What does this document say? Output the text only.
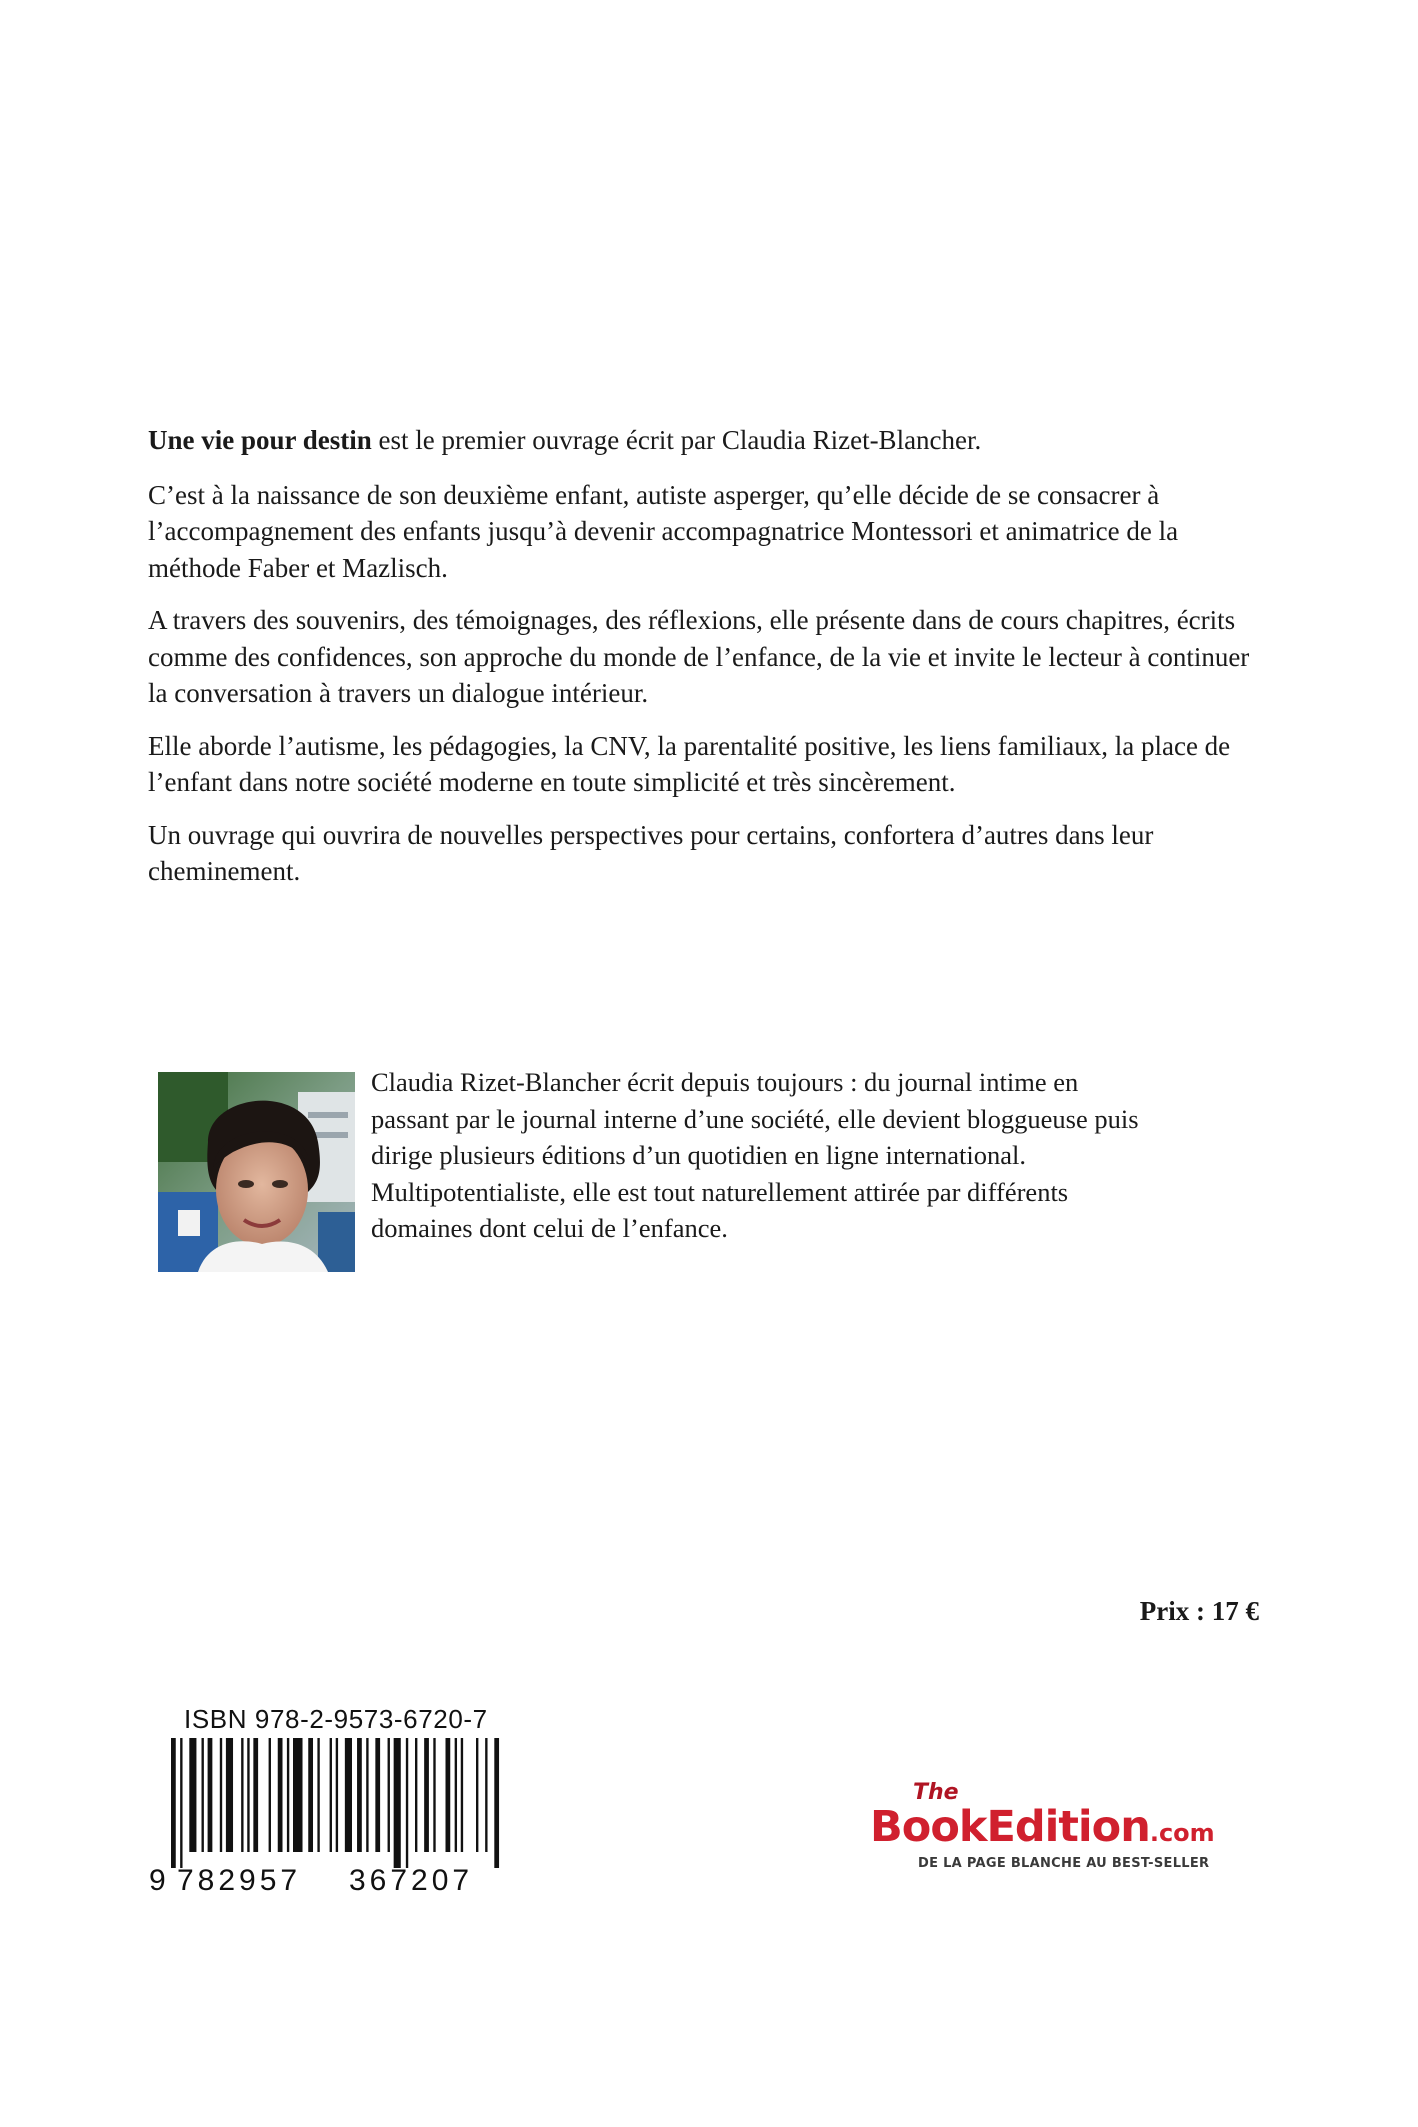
Une vie pour destin est le premier ouvrage écrit par Claudia Rizet-Blancher.

C’est à la naissance de son deuxième enfant, autiste asperger, qu’elle décide de se consacrer à l’accompagnement des enfants jusqu’à devenir accompagnatrice Montessori et animatrice de la méthode Faber et Mazlisch.

A travers des souvenirs, des témoignages, des réflexions, elle présente dans de cours chapitres, écrits comme des confidences, son approche du monde de l’enfance, de la vie et invite le lecteur à continuer la conversation à travers un dialogue intérieur.

Elle aborde l’autisme, les pédagogies, la CNV, la parentalité positive, les liens familiaux, la place de l’enfant dans notre société moderne en toute simplicité et très sincèrement.

Un ouvrage qui ouvrira de nouvelles perspectives pour certains, confortera d’autres dans leur cheminement.

Claudia Rizet-Blancher écrit depuis toujours : du journal intime en
passant par le journal interne d’une société, elle devient bloggueuse puis
dirige plusieurs éditions d’un quotidien en ligne international.
Multipotentialiste, elle est tout naturellement attirée par différents
domaines dont celui de l’enfance.
Prix : 17 €
ISBN 978-2-9573-6720-7
9 782957 367207
The
BookEdition.com
DE LA PAGE BLANCHE AU BEST-SELLER
